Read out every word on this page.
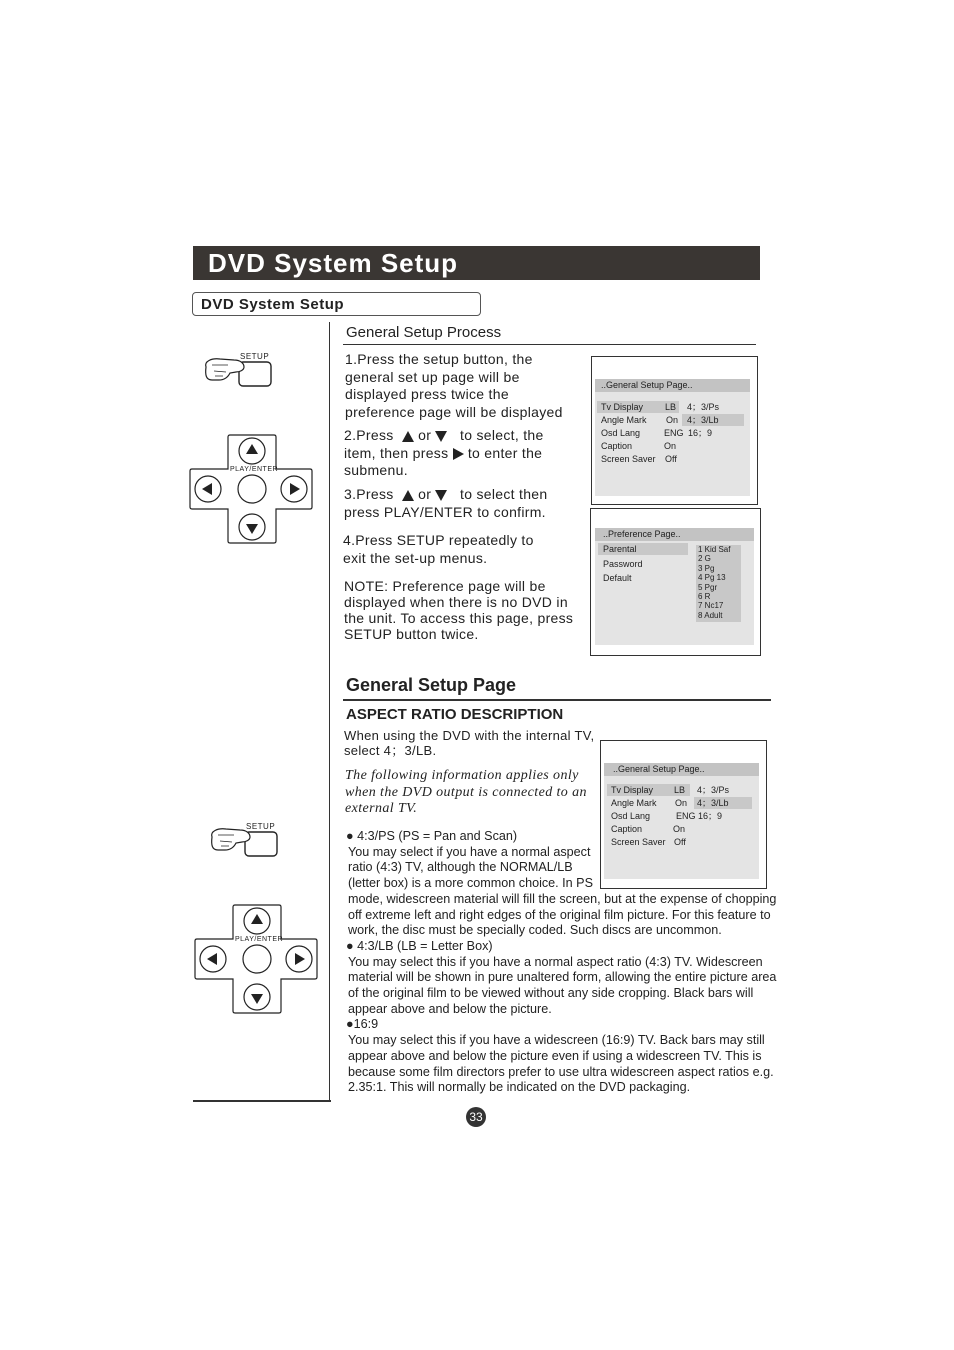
DVD System Setup
DVD System Setup
SETUP
PLAY/ENTER
SETUP
PLAY/ENTER
General Setup Process
1.Press the setup button, the
general set up page will be
displayed press twice the
preference page will be displayed
2.Press or to select, the
item, then press to enter the
submenu.
3.Press or to select then
press PLAY/ENTER to confirm.
4.Press SETUP repeatedly to
exit the set-up menus.
NOTE: Preference page will be
displayed when there is no DVD in
the unit. To access this page, press
SETUP button twice.
..General Setup Page..
Tv Display LB 4；3/Ps
Angle Mark On 4；3/Lb
Osd Lang	ENG 16；9
Caption	On
Screen Saver Off
..Preference Page..
Parental
Password
Default
1 Kid Saf
2 G
3 Pg
4 Pg 13
5 Pgr
6 R
7 Nc17
8 Adult
General Setup Page
ASPECT RATIO DESCRIPTION
When using the DVD with the internal TV,
select 4；3/LB.
The following information applies only
when the DVD output is connected to an
external TV.
..General Setup Page..
Tv Display LB 4；3/Ps
Angle Mark On 4；3/Lb
Osd Lang	ENG 16；9
Caption	On
Screen Saver Off
● 4:3/PS (PS = Pan and Scan)
You may select if you have a normal aspect
ratio (4:3) TV, although the NORMAL/LB
(letter box) is a more common choice. In PS
mode, widescreen material will fill the screen, but at the expense of chopping
off extreme left and right edges of the original film picture. For this feature to
work, the disc must be specially coded. Such discs are uncommon.
● 4:3/LB (LB = Letter Box)
You may select this if you have a normal aspect ratio (4:3) TV. Widescreen
material will be shown in pure unaltered form, allowing the entire picture area
of the original film to be viewed without any side cropping. Black bars will
appear above and below the picture.
●16:9
You may select this if you have a widescreen (16:9) TV. Back bars may still
appear above and below the picture even if using a widescreen TV. This is
because some film directors prefer to use ultra widescreen aspect ratios e.g.
2.35:1. This will normally be indicated on the DVD packaging.
33
